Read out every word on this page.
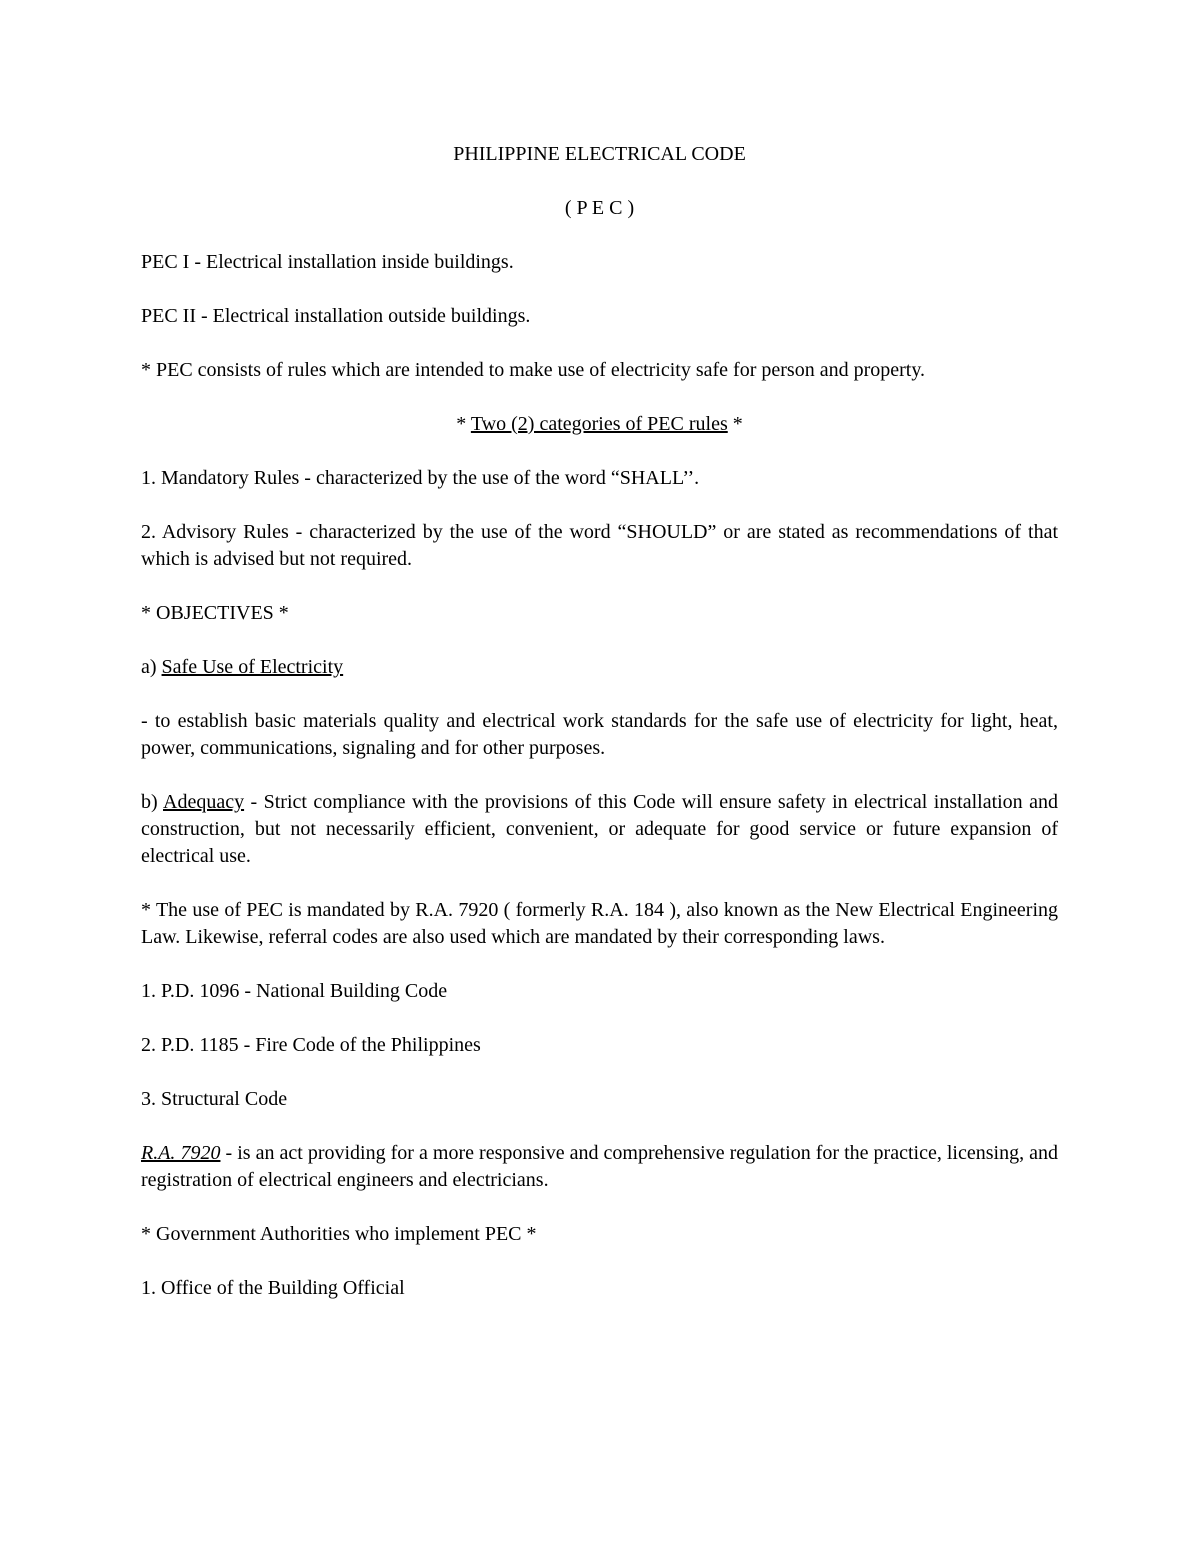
PHILIPPINE ELECTRICAL CODE

( P E C )

PEC I - Electrical installation inside buildings.

PEC II - Electrical installation outside buildings.

* PEC consists of rules which are intended to make use of electricity safe for person and property.

* Two (2) categories of PEC rules *

1. Mandatory Rules - characterized by the use of the word “SHALL’’.

2. Advisory Rules - characterized by the use of the word “SHOULD” or are stated as recommendations of that which is advised but not required.

* OBJECTIVES *

a) Safe Use of Electricity

- to establish basic materials quality and electrical work standards for the safe use of electricity for light, heat, power, communications, signaling and for other purposes.

b) Adequacy - Strict compliance with the provisions of this Code will ensure safety in electrical installation and construction, but not necessarily efficient, convenient, or adequate for good service or future expansion of electrical use.

* The use of PEC is mandated by R.A. 7920 ( formerly R.A. 184 ), also known as the New Electrical Engineering Law. Likewise, referral codes are also used which are mandated by their corresponding laws.

1. P.D. 1096 - National Building Code

2. P.D. 1185 - Fire Code of the Philippines

3. Structural Code

R.A. 7920 - is an act providing for a more responsive and comprehensive regulation for the practice, licensing, and registration of electrical engineers and electricians.

* Government Authorities who implement PEC *

1. Office of the Building Official
